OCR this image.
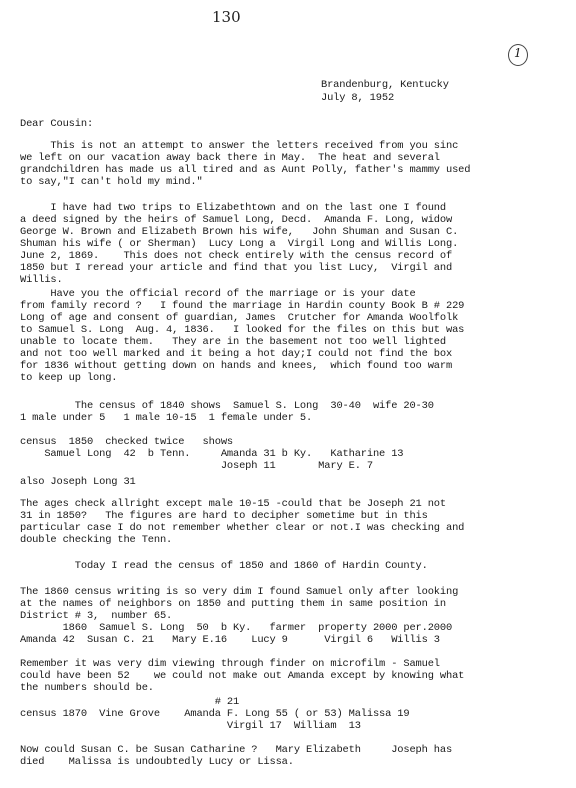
130
1
Brandenburg, Kentucky
July 8, 1952
Dear Cousin:
This is not an attempt to answer the letters received from you sinc
we left on our vacation away back there in May.  The heat and several
grandchildren has made us all tired and as Aunt Polly, father's mammy used
to say,"I can't hold my mind."
I have had two trips to Elizabethtown and on the last one I found
a deed signed by the heirs of Samuel Long, Decd.  Amanda F. Long, widow
George W. Brown and Elizabeth Brown his wife,   John Shuman and Susan C.
Shuman his wife ( or Sherman)  Lucy Long a  Virgil Long and Willis Long.
June 2, 1869.    This does not check entirely with the census record of
1850 but I reread your article and find that you list Lucy,  Virgil and
Willis.
Have you the official record of the marriage or is your date
from family record ?   I found the marriage in Hardin county Book B # 229
Long of age and consent of guardian, James  Crutcher for Amanda Woolfolk
to Samuel S. Long  Aug. 4, 1836.   I looked for the files on this but was
unable to locate them.   They are in the basement not too well lighted
and not too well marked and it being a hot day;I could not find the box
for 1836 without getting down on hands and knees,  which found too warm
to keep up long.
The census of 1840 shows  Samuel S. Long  30-40  wife 20-30
1 male under 5   1 male 10-15  1 female under 5.
census  1850  checked twice   shows
Samuel Long  42  b Tenn.     Amanda 31 b Ky.   Katharine 13
Joseph 11       Mary E. 7
also Joseph Long 31
The ages check allright except male 10-15 -could that be Joseph 21 not
31 in 1850?   The figures are hard to decipher sometime but in this
particular case I do not remember whether clear or not.I was checking and
double checking the Tenn.
Today I read the census of 1850 and 1860 of Hardin County.
The 1860 census writing is so very dim I found Samuel only after looking
at the names of neighbors on 1850 and putting them in same position in
District # 3,  number 65.
1860  Samuel S. Long  50  b Ky.   farmer  property 2000 per.2000
Amanda 42  Susan C. 21   Mary E.16    Lucy 9      Virgil 6   Willis 3
Remember it was very dim viewing through finder on microfilm - Samuel
could have been 52    we could not make out Amanda except by knowing what
the numbers should be.
# 21
census 1870  Vine Grove    Amanda F. Long 55 ( or 53) Malissa 19
Virgil 17  William  13
Now could Susan C. be Susan Catharine ?   Mary Elizabeth     Joseph has
died    Malissa is undoubtedly Lucy or Lissa.
